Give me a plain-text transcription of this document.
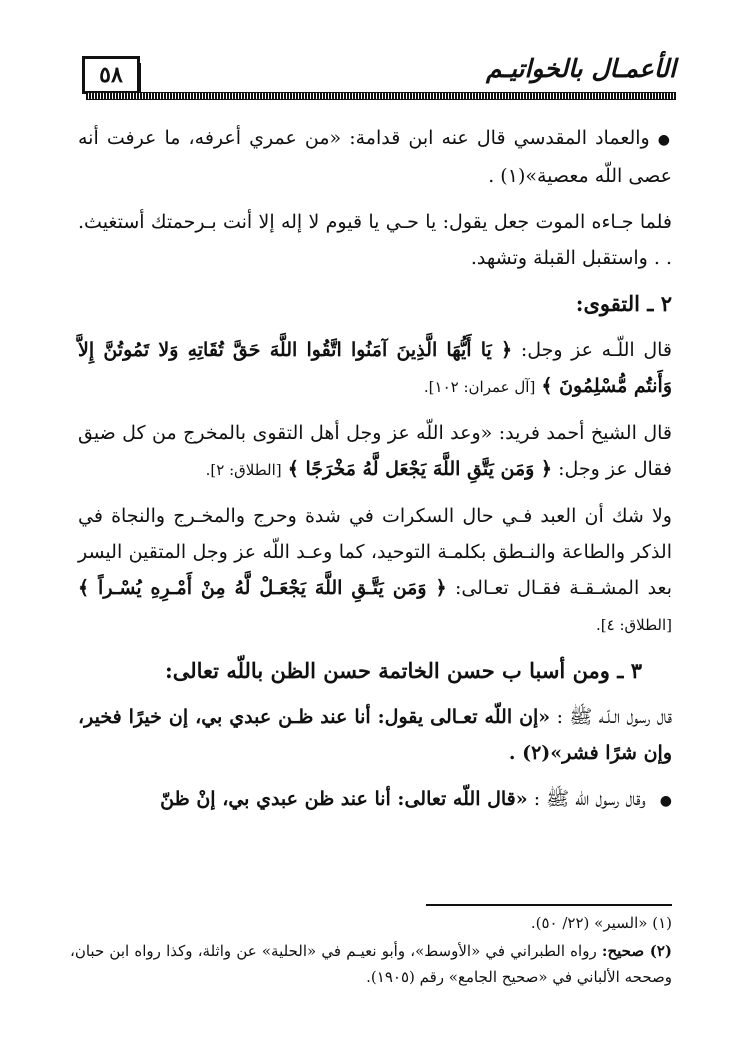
٥٨	الأعمـال بالخواتيـم

● والعماد المقدسي قال عنه ابن قدامة: «من عمري أعرفه، ما عرفت أنه عصى اللّه معصية»(١) .

فلما جـاءه الموت جعل يقول: يا حـي يا قيوم لا إله إلا أنت بـرحمتك أستغيث. . . واستقبل القبلة وتشهد.

٢ ـ التقوى:

قال اللّـه عز وجل: ﴿ يَا أَيُّهَا الَّذِينَ آمَنُوا اتَّقُوا اللَّهَ حَقَّ تُقَاتِهِ وَلا تَمُوتُنَّ إِلاَّ وَأَنتُم مُّسْلِمُونَ ﴾ [آل عمران: ١٠٢].

قال الشيخ أحمد فريد: «وعد اللّه عز وجل أهل التقوى بالمخرج من كل ضيق فقال عز وجل: ﴿ وَمَن يَتَّقِ اللَّهَ يَجْعَل لَّهُ مَخْرَجًا ﴾ [الطلاق: ٢].

ولا شك أن العبد فـي حال السكرات في شدة وحرج والمخـرج والنجاة في الذكر والطاعة والنـطق بكلمـة التوحيد، كما وعـد اللّه عز وجل المتقين اليسر بعد المشـقـة فقـال تعـالى: ﴿ وَمَن يَتَّـقِ اللَّهَ يَجْعَـلْ لَّهُ مِنْ أَمْـرِهِ يُسْـراً ﴾ [الطلاق: ٤].

٣ ـ ومن أسبا ب حسن الخاتمة حسن الظن باللّه تعالى:

قال رسول الـلّـه ﷺ : «إن اللّه تعـالى يقول: أنا عند ظـن عبدي بي، إن خيرًا فخير، وإن شرًا فشر»(٢) .

● وقال رسول اللّه ﷺ : «قال اللّه تعالى: أنا عند ظن عبدي بي، إنْ ظنّ

(١) «السير» (٢٢/ ٥٠).

(٢) صحيح: رواه الطبراني في «الأوسط»، وأبو نعيـم في «الحلية» عن واثلة، وكذا رواه ابن حبان، وصححه الألباني في «صحيح الجامع» رقم (١٩٠٥).
